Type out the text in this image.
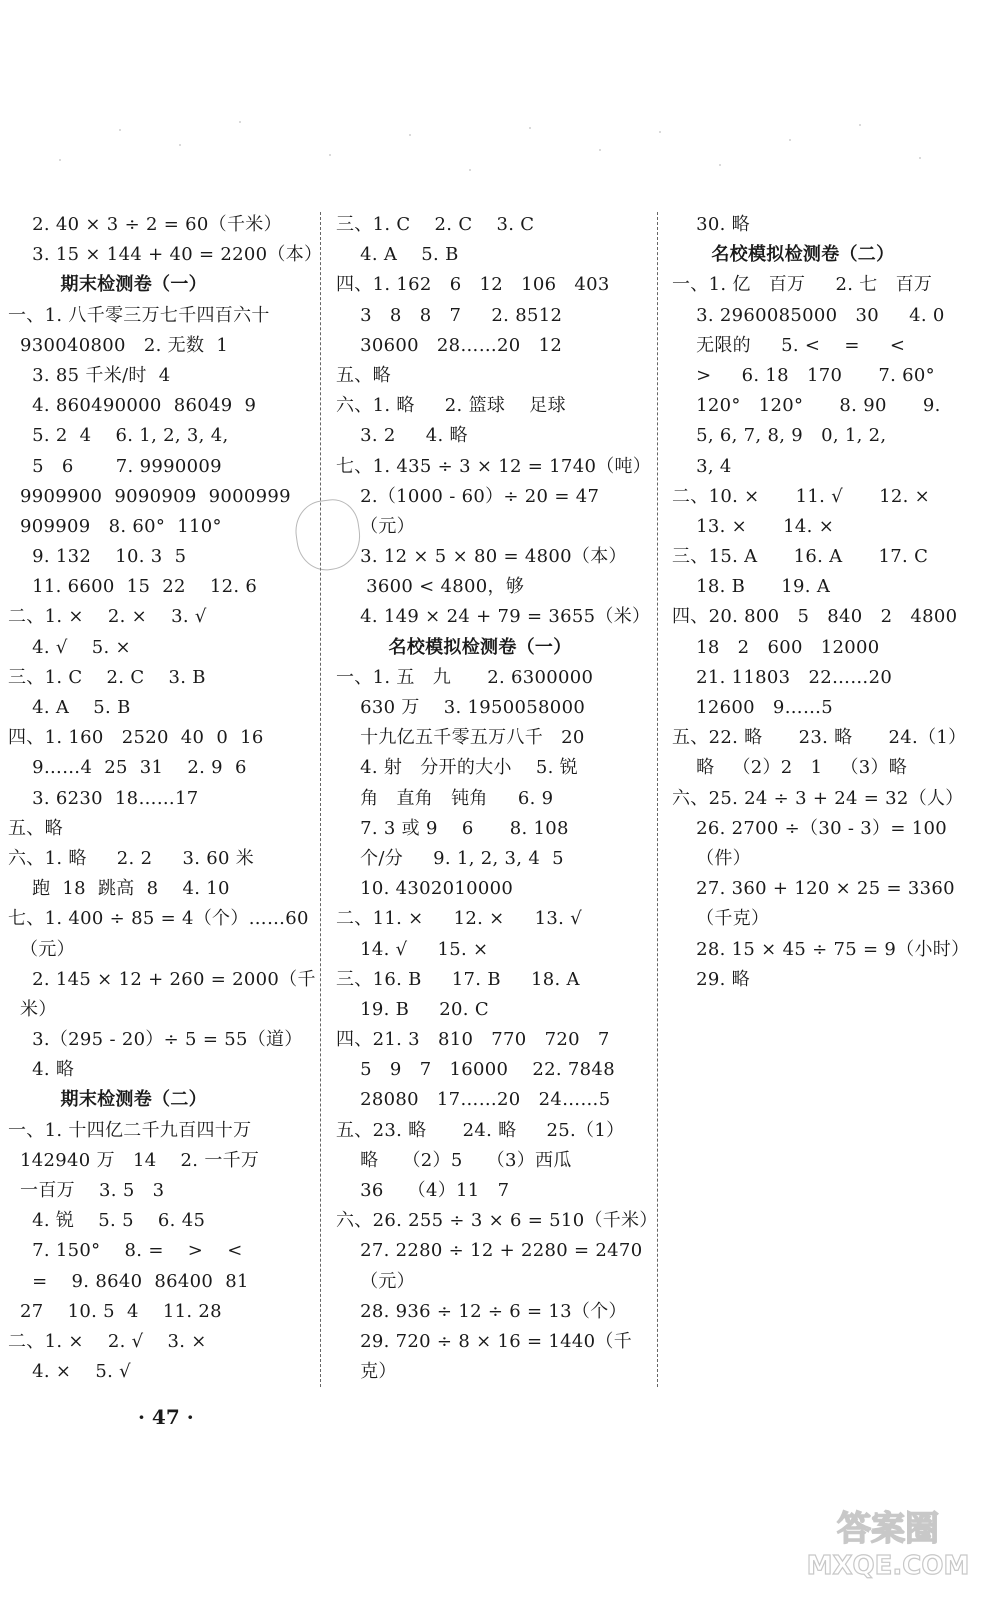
2. 40 × 3 ÷ 2 = 60（千米）
3. 15 × 144 + 40 = 2200（本）
期末检测卷（一）
一、1. 八千零三万七千四百六十
930040800   2. 无数  1
3. 85 千米/时  4
4. 860490000  86049  9
5. 2  4    6. 1, 2, 3, 4,
5   6       7. 9990009
9909900  9090909  9000999
909909   8. 60°  110°
9. 132    10. 3  5
11. 6600  15  22    12. 6
二、1. ×    2. ×    3. √
4. √    5. ×
三、1. C    2. C    3. B
4. A    5. B
四、1. 160   2520  40  0  16
9……4  25  31    2. 9  6
3. 6230  18……17
五、略
六、1. 略     2. 2     3. 60 米
跑  18  跳高  8    4. 10
七、1. 400 ÷ 85 = 4（个）……60
（元）
2. 145 × 12 + 260 = 2000（千
米）
3.（295 - 20）÷ 5 = 55（道）
4. 略
期末检测卷（二）
一、1. 十四亿二千九百四十万
142940 万   14    2. 一千万
一百万    3. 5   3
4. 锐    5. 5    6. 45
7. 150°    8. =    >    <
=    9. 8640  86400  81
27    10. 5  4    11. 28
二、1. ×    2. √    3. ×
4. ×    5. √
三、1. C    2. C    3. C
4. A    5. B
四、1. 162   6   12   106   403
3   8   8   7     2. 8512
30600   28……20   12
五、略
六、1. 略     2. 篮球    足球
3. 2     4. 略
七、1. 435 ÷ 3 × 12 = 1740（吨）
2.（1000 - 60）÷ 20 = 47
（元）
3. 12 × 5 × 80 = 4800（本）
3600 < 4800，够
4. 149 × 24 + 79 = 3655（米）
名校模拟检测卷（一）
一、1. 五   九      2. 6300000
630 万    3. 1950058000
十九亿五千零五万八千   20
4. 射   分开的大小    5. 锐
角   直角   钝角     6. 9
7. 3 或 9    6      8. 108
个/分     9. 1, 2, 3, 4  5
10. 4302010000
二、11. ×     12. ×     13. √
14. √     15. ×
三、16. B     17. B     18. A
19. B     20. C
四、21. 3   810   770   720   7
5   9   7   16000    22. 7848
28080   17……20   24……5
五、23. 略      24. 略     25.（1）
略    （2）5    （3）西瓜
36    （4）11   7
六、26. 255 ÷ 3 × 6 = 510（千米）
27. 2280 ÷ 12 + 2280 = 2470
（元）
28. 936 ÷ 12 ÷ 6 = 13（个）
29. 720 ÷ 8 × 16 = 1440（千
克）
30. 略
名校模拟检测卷（二）
一、1. 亿   百万     2. 七   百万
3. 2960085000   30     4. 0
无限的     5. <    =     <
>     6. 18   170      7. 60°
120°   120°      8. 90      9.
5, 6, 7, 8, 9   0, 1, 2,
3, 4
二、10. ×      11. √      12. ×
13. ×      14. ×
三、15. A      16. A      17. C
18. B      19. A
四、20. 800   5   840   2   4800
18   2   600   12000
21. 11803   22……20
12600   9……5
五、22. 略      23. 略      24.（1）
略   （2）2   1   （3）略
六、25. 24 ÷ 3 + 24 = 32（人）
26. 2700 ÷（30 - 3）= 100
（件）
27. 360 + 120 × 25 = 3360
（千克）
28. 15 × 45 ÷ 75 = 9（小时）
29. 略
· 47 ·
答案圈
MXQE.COM
